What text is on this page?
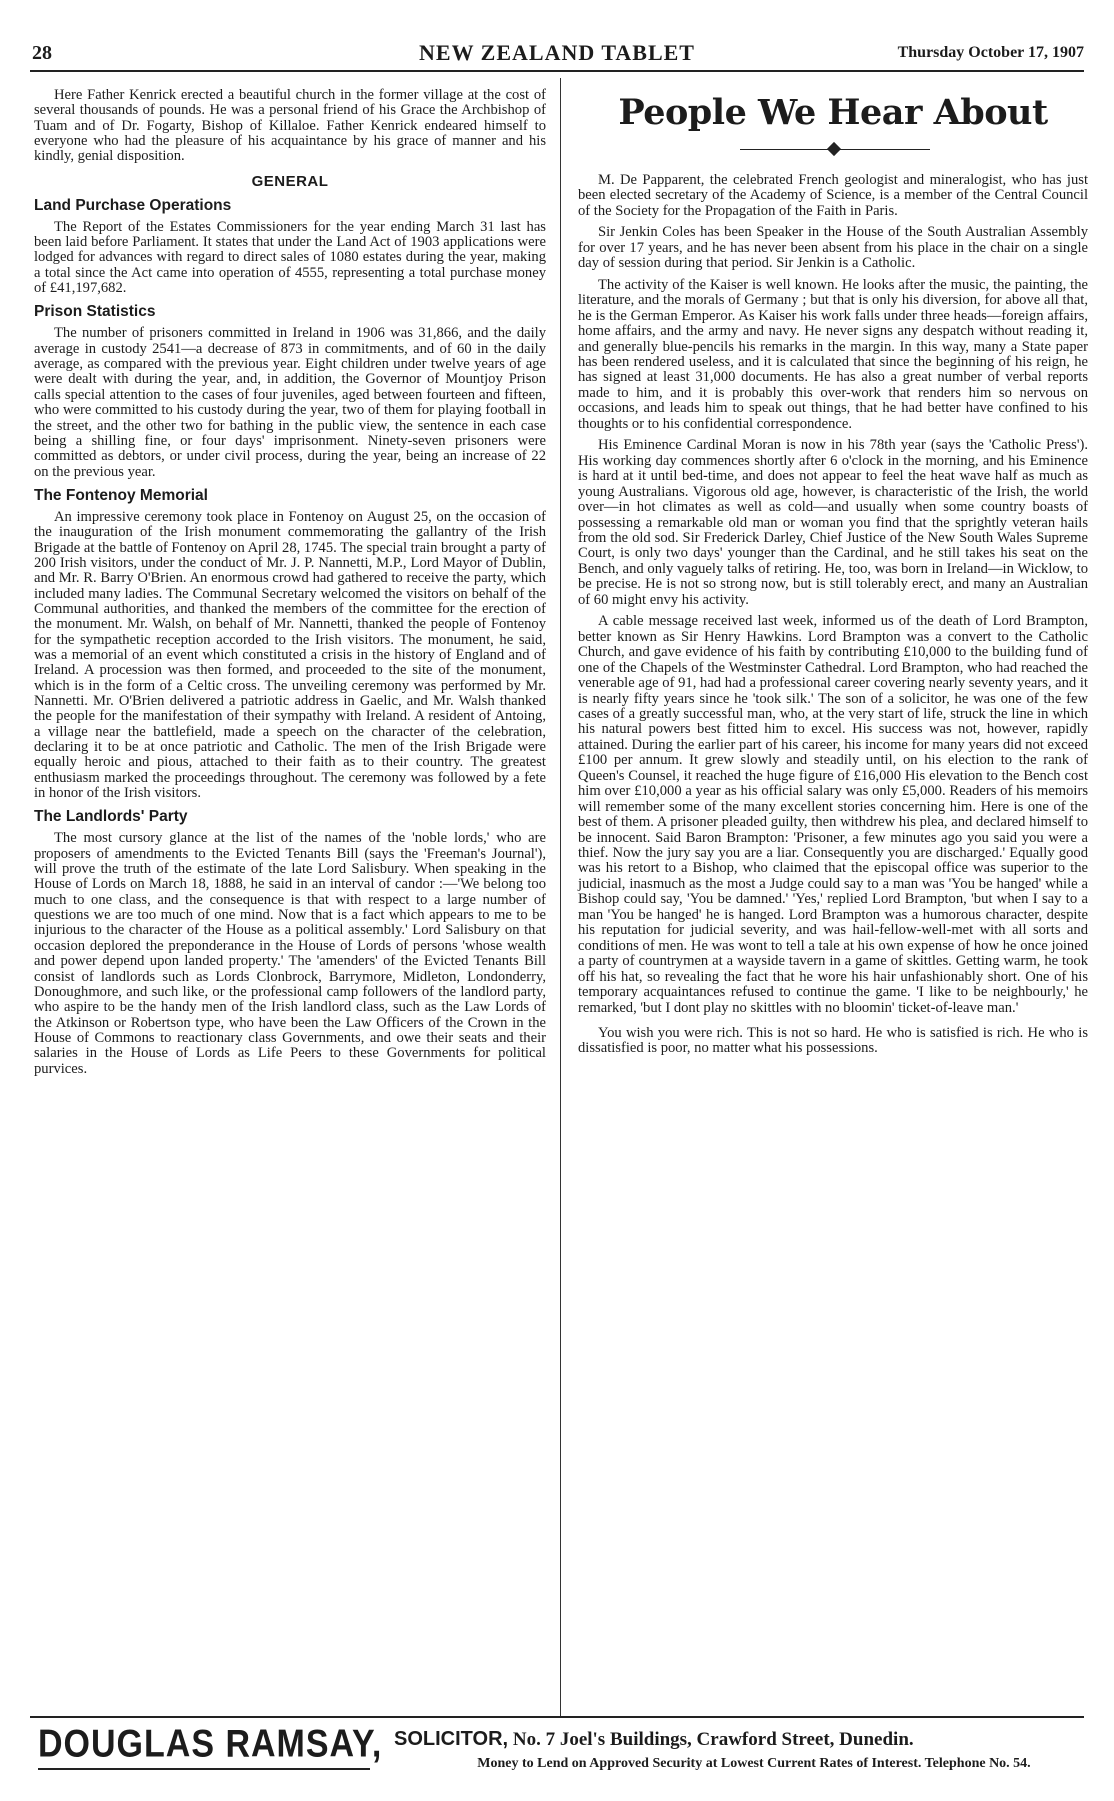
28	NEW ZEALAND TABLET	Thursday October 17, 1907

Here Father Kenrick erected a beautiful church in the former village at the cost of several thousands of pounds. He was a personal friend of his Grace the Archbishop of Tuam and of Dr. Fogarty, Bishop of Killaloe. Father Kenrick endeared himself to everyone who had the pleasure of his acquaintance by his grace of manner and his kindly, genial disposition.

GENERAL
Land Purchase Operations

The Report of the Estates Commissioners for the year ending March 31 last has been laid before Parliament. It states that under the Land Act of 1903 applications were lodged for advances with regard to direct sales of 1080 estates during the year, making a total since the Act came into operation of 4555, representing a total purchase money of £41,197,682.

Prison Statistics

The number of prisoners committed in Ireland in 1906 was 31,866, and the daily average in custody 2541—a decrease of 873 in commitments, and of 60 in the daily average, as compared with the previous year. Eight children under twelve years of age were dealt with during the year, and, in addition, the Governor of Mountjoy Prison calls special attention to the cases of four juveniles, aged between fourteen and fifteen, who were committed to his custody during the year, two of them for playing football in the street, and the other two for bathing in the public view, the sentence in each case being a shilling fine, or four days' imprisonment. Ninety-seven prisoners were committed as debtors, or under civil process, during the year, being an increase of 22 on the previous year.

The Fontenoy Memorial

An impressive ceremony took place in Fontenoy on August 25, on the occasion of the inauguration of the Irish monument commemorating the gallantry of the Irish Brigade at the battle of Fontenoy on April 28, 1745. The special train brought a party of 200 Irish visitors, under the conduct of Mr. J. P. Nannetti, M.P., Lord Mayor of Dublin, and Mr. R. Barry O'Brien. An enormous crowd had gathered to receive the party, which included many ladies. The Communal Secretary welcomed the visitors on behalf of the Communal authorities, and thanked the members of the committee for the erection of the monument. Mr. Walsh, on behalf of Mr. Nannetti, thanked the people of Fontenoy for the sympathetic reception accorded to the Irish visitors. The monument, he said, was a memorial of an event which constituted a crisis in the history of England and of Ireland. A procession was then formed, and proceeded to the site of the monument, which is in the form of a Celtic cross. The unveiling ceremony was performed by Mr. Nannetti. Mr. O'Brien delivered a patriotic address in Gaelic, and Mr. Walsh thanked the people for the manifestation of their sympathy with Ireland. A resident of Antoing, a village near the battlefield, made a speech on the character of the celebration, declaring it to be at once patriotic and Catholic. The men of the Irish Brigade were equally heroic and pious, attached to their faith as to their country. The greatest enthusiasm marked the proceedings throughout. The ceremony was followed by a fete in honor of the Irish visitors.

The Landlords' Party

The most cursory glance at the list of the names of the 'noble lords,' who are proposers of amendments to the Evicted Tenants Bill (says the 'Freeman's Journal'), will prove the truth of the estimate of the late Lord Salisbury. When speaking in the House of Lords on March 18, 1888, he said in an interval of candor :—'We belong too much to one class, and the consequence is that with respect to a large number of questions we are too much of one mind. Now that is a fact which appears to me to be injurious to the character of the House as a political assembly.' Lord Salisbury on that occasion deplored the preponderance in the House of Lords of persons 'whose wealth and power depend upon landed property.' The 'amenders' of the Evicted Tenants Bill consist of landlords such as Lords Clonbrock, Barrymore, Midleton, Londonderry, Donoughmore, and such like, or the professional camp followers of the landlord party, who aspire to be the handy men of the Irish landlord class, such as the Law Lords of the Atkinson or Robertson type, who have been the Law Officers of the Crown in the House of Commons to reactionary class Governments, and owe their seats and their salaries in the House of Lords as Life Peers to these Governments for political purvices.

People We Hear About

M. De Papparent, the celebrated French geologist and mineralogist, who has just been elected secretary of the Academy of Science, is a member of the Central Council of the Society for the Propagation of the Faith in Paris.

Sir Jenkin Coles has been Speaker in the House of the South Australian Assembly for over 17 years, and he has never been absent from his place in the chair on a single day of session during that period. Sir Jenkin is a Catholic.

The activity of the Kaiser is well known. He looks after the music, the painting, the literature, and the morals of Germany ; but that is only his diversion, for above all that, he is the German Emperor. As Kaiser his work falls under three heads—foreign affairs, home affairs, and the army and navy. He never signs any despatch without reading it, and generally blue-pencils his remarks in the margin. In this way, many a State paper has been rendered useless, and it is calculated that since the beginning of his reign, he has signed at least 31,000 documents. He has also a great number of verbal reports made to him, and it is probably this over-work that renders him so nervous on occasions, and leads him to speak out things, that he had better have confined to his thoughts or to his confidential correspondence.

His Eminence Cardinal Moran is now in his 78th year (says the 'Catholic Press'). His working day commences shortly after 6 o'clock in the morning, and his Eminence is hard at it until bed-time, and does not appear to feel the heat wave half as much as young Australians. Vigorous old age, however, is characteristic of the Irish, the world over—in hot climates as well as cold—and usually when some country boasts of possessing a remarkable old man or woman you find that the sprightly veteran hails from the old sod. Sir Frederick Darley, Chief Justice of the New South Wales Supreme Court, is only two days' younger than the Cardinal, and he still takes his seat on the Bench, and only vaguely talks of retiring. He, too, was born in Ireland—in Wicklow, to be precise. He is not so strong now, but is still tolerably erect, and many an Australian of 60 might envy his activity.

A cable message received last week, informed us of the death of Lord Brampton, better known as Sir Henry Hawkins. Lord Brampton was a convert to the Catholic Church, and gave evidence of his faith by contributing £10,000 to the building fund of one of the Chapels of the Westminster Cathedral. Lord Brampton, who had reached the venerable age of 91, had had a professional career covering nearly seventy years, and it is nearly fifty years since he 'took silk.' The son of a solicitor, he was one of the few cases of a greatly successful man, who, at the very start of life, struck the line in which his natural powers best fitted him to excel. His success was not, however, rapidly attained. During the earlier part of his career, his income for many years did not exceed £100 per annum. It grew slowly and steadily until, on his election to the rank of Queen's Counsel, it reached the huge figure of £16,000 His elevation to the Bench cost him over £10,000 a year as his official salary was only £5,000. Readers of his memoirs will remember some of the many excellent stories concerning him. Here is one of the best of them. A prisoner pleaded guilty, then withdrew his plea, and declared himself to be innocent. Said Baron Brampton: 'Prisoner, a few minutes ago you said you were a thief. Now the jury say you are a liar. Consequently you are discharged.' Equally good was his retort to a Bishop, who claimed that the episcopal office was superior to the judicial, inasmuch as the most a Judge could say to a man was 'You be hanged' while a Bishop could say, 'You be damned.' 'Yes,' replied Lord Brampton, 'but when I say to a man 'You be hanged' he is hanged. Lord Brampton was a humorous character, despite his reputation for judicial severity, and was hail-fellow-well-met with all sorts and conditions of men. He was wont to tell a tale at his own expense of how he once joined a party of countrymen at a wayside tavern in a game of skittles. Getting warm, he took off his hat, so revealing the fact that he wore his hair unfashionably short. One of his temporary acquaintances refused to continue the game. 'I like to be neighbourly,' he remarked, 'but I dont play no skittles with no bloomin' ticket-of-leave man.'

You wish you were rich. This is not so hard. He who is satisfied is rich. He who is dissatisfied is poor, no matter what his possessions.

DOUGLAS RAMSAY, SOLICITOR, No. 7 Joel's Buildings, Crawford Street, Dunedin.
Money to Lend on Approved Security at Lowest Current Rates of Interest. Telephone No. 54.
